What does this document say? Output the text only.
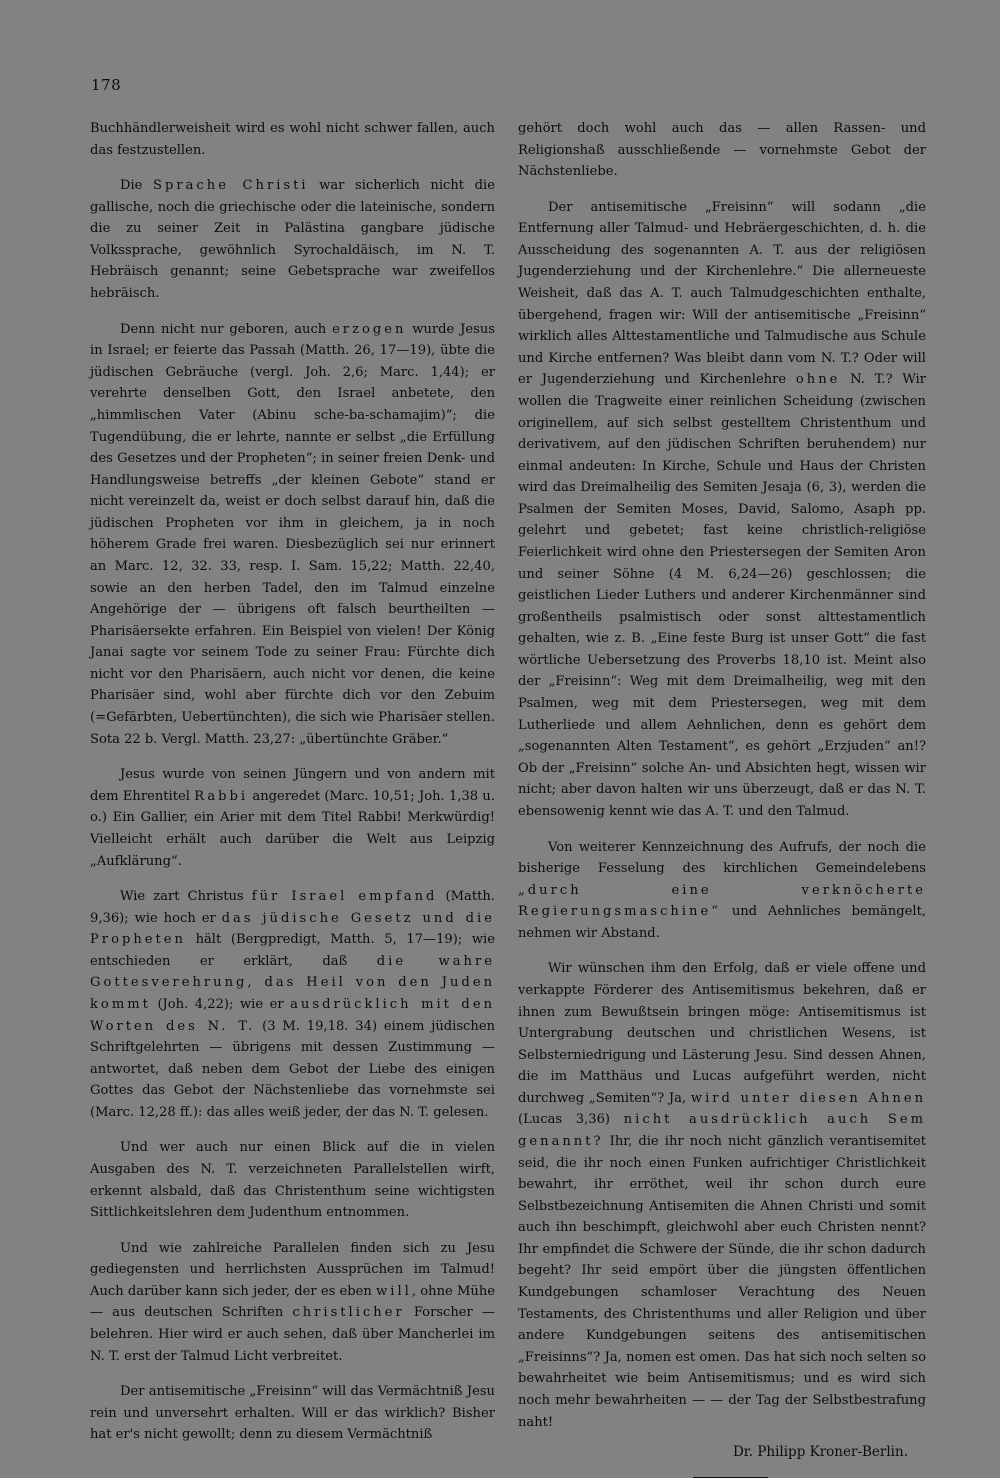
178

Buchhändlerweisheit wird es wohl nicht schwer fallen, auch das festzustellen.

Die Sprache Christi war sicherlich nicht die gallische, noch die griechische oder die lateinische, sondern die zu seiner Zeit in Palästina gangbare jüdische Volkssprache, gewöhnlich Syrochaldäisch, im N. T. Hebräisch genannt; seine Gebetsprache war zweifellos hebräisch.

Denn nicht nur geboren, auch erzogen wurde Jesus in Israel; er feierte das Passah (Matth. 26, 17—19), übte die jüdischen Gebräuche (vergl. Joh. 2,6; Marc. 1,44); er verehrte denselben Gott, den Israel anbetete, den „himmlischen Vater (Abinu sche-ba-schamajim)“; die Tugendübung, die er lehrte, nannte er selbst „die Erfüllung des Gesetzes und der Propheten“; in seiner freien Denk- und Handlungsweise betreffs „der kleinen Gebote“ stand er nicht vereinzelt da, weist er doch selbst darauf hin, daß die jüdischen Propheten vor ihm in gleichem, ja in noch höherem Grade frei waren. Diesbezüglich sei nur erinnert an Marc. 12, 32. 33, resp. I. Sam. 15,22; Matth. 22,40, sowie an den herben Tadel, den im Talmud einzelne Angehörige der — übrigens oft falsch beurtheilten — Pharisäersekte erfahren. Ein Beispiel von vielen! Der König Janai sagte vor seinem Tode zu seiner Frau: Fürchte dich nicht vor den Pharisäern, auch nicht vor denen, die keine Pharisäer sind, wohl aber fürchte dich vor den Zebuim (=Gefärbten, Uebertünchten), die sich wie Pharisäer stellen. Sota 22 b. Vergl. Matth. 23,27: „übertünchte Gräber.“

Jesus wurde von seinen Jüngern und von andern mit dem Ehrentitel Rabbi angeredet (Marc. 10,51; Joh. 1,38 u. o.) Ein Gallier, ein Arier mit dem Titel Rabbi! Merkwürdig! Vielleicht erhält auch darüber die Welt aus Leipzig „Aufklärung“.

Wie zart Christus für Israel empfand (Matth. 9,36); wie hoch er das jüdische Gesetz und die Propheten hält (Bergpredigt, Matth. 5, 17—19); wie entschieden er erklärt, daß die wahre Gottesverehrung, das Heil von den Juden kommt (Joh. 4,22); wie er ausdrücklich mit den Worten des N. T. (3 M. 19,18. 34) einem jüdischen Schriftgelehrten — übrigens mit dessen Zustimmung — antwortet, daß neben dem Gebot der Liebe des einigen Gottes das Gebot der Nächstenliebe das vornehmste sei (Marc. 12,28 ff.): das alles weiß jeder, der das N. T. gelesen.

Und wer auch nur einen Blick auf die in vielen Ausgaben des N. T. verzeichneten Parallelstellen wirft, erkennt alsbald, daß das Christenthum seine wichtigsten Sittlichkeitslehren dem Judenthum entnommen.

Und wie zahlreiche Parallelen finden sich zu Jesu gediegensten und herrlichsten Aussprüchen im Talmud! Auch darüber kann sich jeder, der es eben will, ohne Mühe — aus deutschen Schriften christlicher Forscher — belehren. Hier wird er auch sehen, daß über Mancherlei im N. T. erst der Talmud Licht verbreitet.

Der antisemitische „Freisinn“ will das Vermächtniß Jesu rein und unversehrt erhalten. Will er das wirklich? Bisher hat er's nicht gewollt; denn zu diesem Vermächtniß

gehört doch wohl auch das — allen Rassen- und Religionshaß ausschließende — vornehmste Gebot der Nächstenliebe.

Der antisemitische „Freisinn“ will sodann „die Entfernung aller Talmud- und Hebräergeschichten, d. h. die Ausscheidung des sogenannten A. T. aus der religiösen Jugenderziehung und der Kirchenlehre.“ Die allerneueste Weisheit, daß das A. T. auch Talmudgeschichten enthalte, übergehend, fragen wir: Will der antisemitische „Freisinn“ wirklich alles Alttestamentliche und Talmudische aus Schule und Kirche entfernen? Was bleibt dann vom N. T.? Oder will er Jugenderziehung und Kirchenlehre ohne N. T.? Wir wollen die Tragweite einer reinlichen Scheidung (zwischen originellem, auf sich selbst gestelltem Christenthum und derivativem, auf den jüdischen Schriften beruhendem) nur einmal andeuten: In Kirche, Schule und Haus der Christen wird das Dreimalheilig des Semiten Jesaja (6, 3), werden die Psalmen der Semiten Moses, David, Salomo, Asaph pp. gelehrt und gebetet; fast keine christlich-religiöse Feierlichkeit wird ohne den Priestersegen der Semiten Aron und seiner Söhne (4 M. 6,24—26) geschlossen; die geistlichen Lieder Luthers und anderer Kirchenmänner sind großentheils psalmistisch oder sonst alttestamentlich gehalten, wie z. B. „Eine feste Burg ist unser Gott“ die fast wörtliche Uebersetzung des Proverbs 18,10 ist. Meint also der „Freisinn“: Weg mit dem Dreimalheilig, weg mit den Psalmen, weg mit dem Priestersegen, weg mit dem Lutherliede und allem Aehnlichen, denn es gehört dem „sogenannten Alten Testament“, es gehört „Erzjuden“ an!? Ob der „Freisinn“ solche An- und Absichten hegt, wissen wir nicht; aber davon halten wir uns überzeugt, daß er das N. T. ebensowenig kennt wie das A. T. und den Talmud.

Von weiterer Kennzeichnung des Aufrufs, der noch die bisherige Fesselung des kirchlichen Gemeindelebens „durch eine verknöcherte Regierungsmaschine“ und Aehnliches bemängelt, nehmen wir Abstand.

Wir wünschen ihm den Erfolg, daß er viele offene und verkappte Förderer des Antisemitismus bekehren, daß er ihnen zum Bewußtsein bringen möge: Antisemitismus ist Untergrabung deutschen und christlichen Wesens, ist Selbsterniedrigung und Lästerung Jesu. Sind dessen Ahnen, die im Matthäus und Lucas aufgeführt werden, nicht durchweg „Semiten“? Ja, wird unter diesen Ahnen (Lucas 3,36) nicht ausdrücklich auch Sem genannt? Ihr, die ihr noch nicht gänzlich verantisemitet seid, die ihr noch einen Funken aufrichtiger Christlichkeit bewahrt, ihr erröthet, weil ihr schon durch eure Selbstbezeichnung Antisemiten die Ahnen Christi und somit auch ihn beschimpft, gleichwohl aber euch Christen nennt? Ihr empfindet die Schwere der Sünde, die ihr schon dadurch begeht? Ihr seid empört über die jüngsten öffentlichen Kundgebungen schamloser Verachtung des Neuen Testaments, des Christenthums und aller Religion und über andere Kundgebungen seitens des antisemitischen „Freisinns“? Ja, nomen est omen. Das hat sich noch selten so bewahrheitet wie beim Antisemitismus; und es wird sich noch mehr bewahrheiten — — der Tag der Selbstbestrafung naht!

Dr. Philipp Kroner-Berlin.
